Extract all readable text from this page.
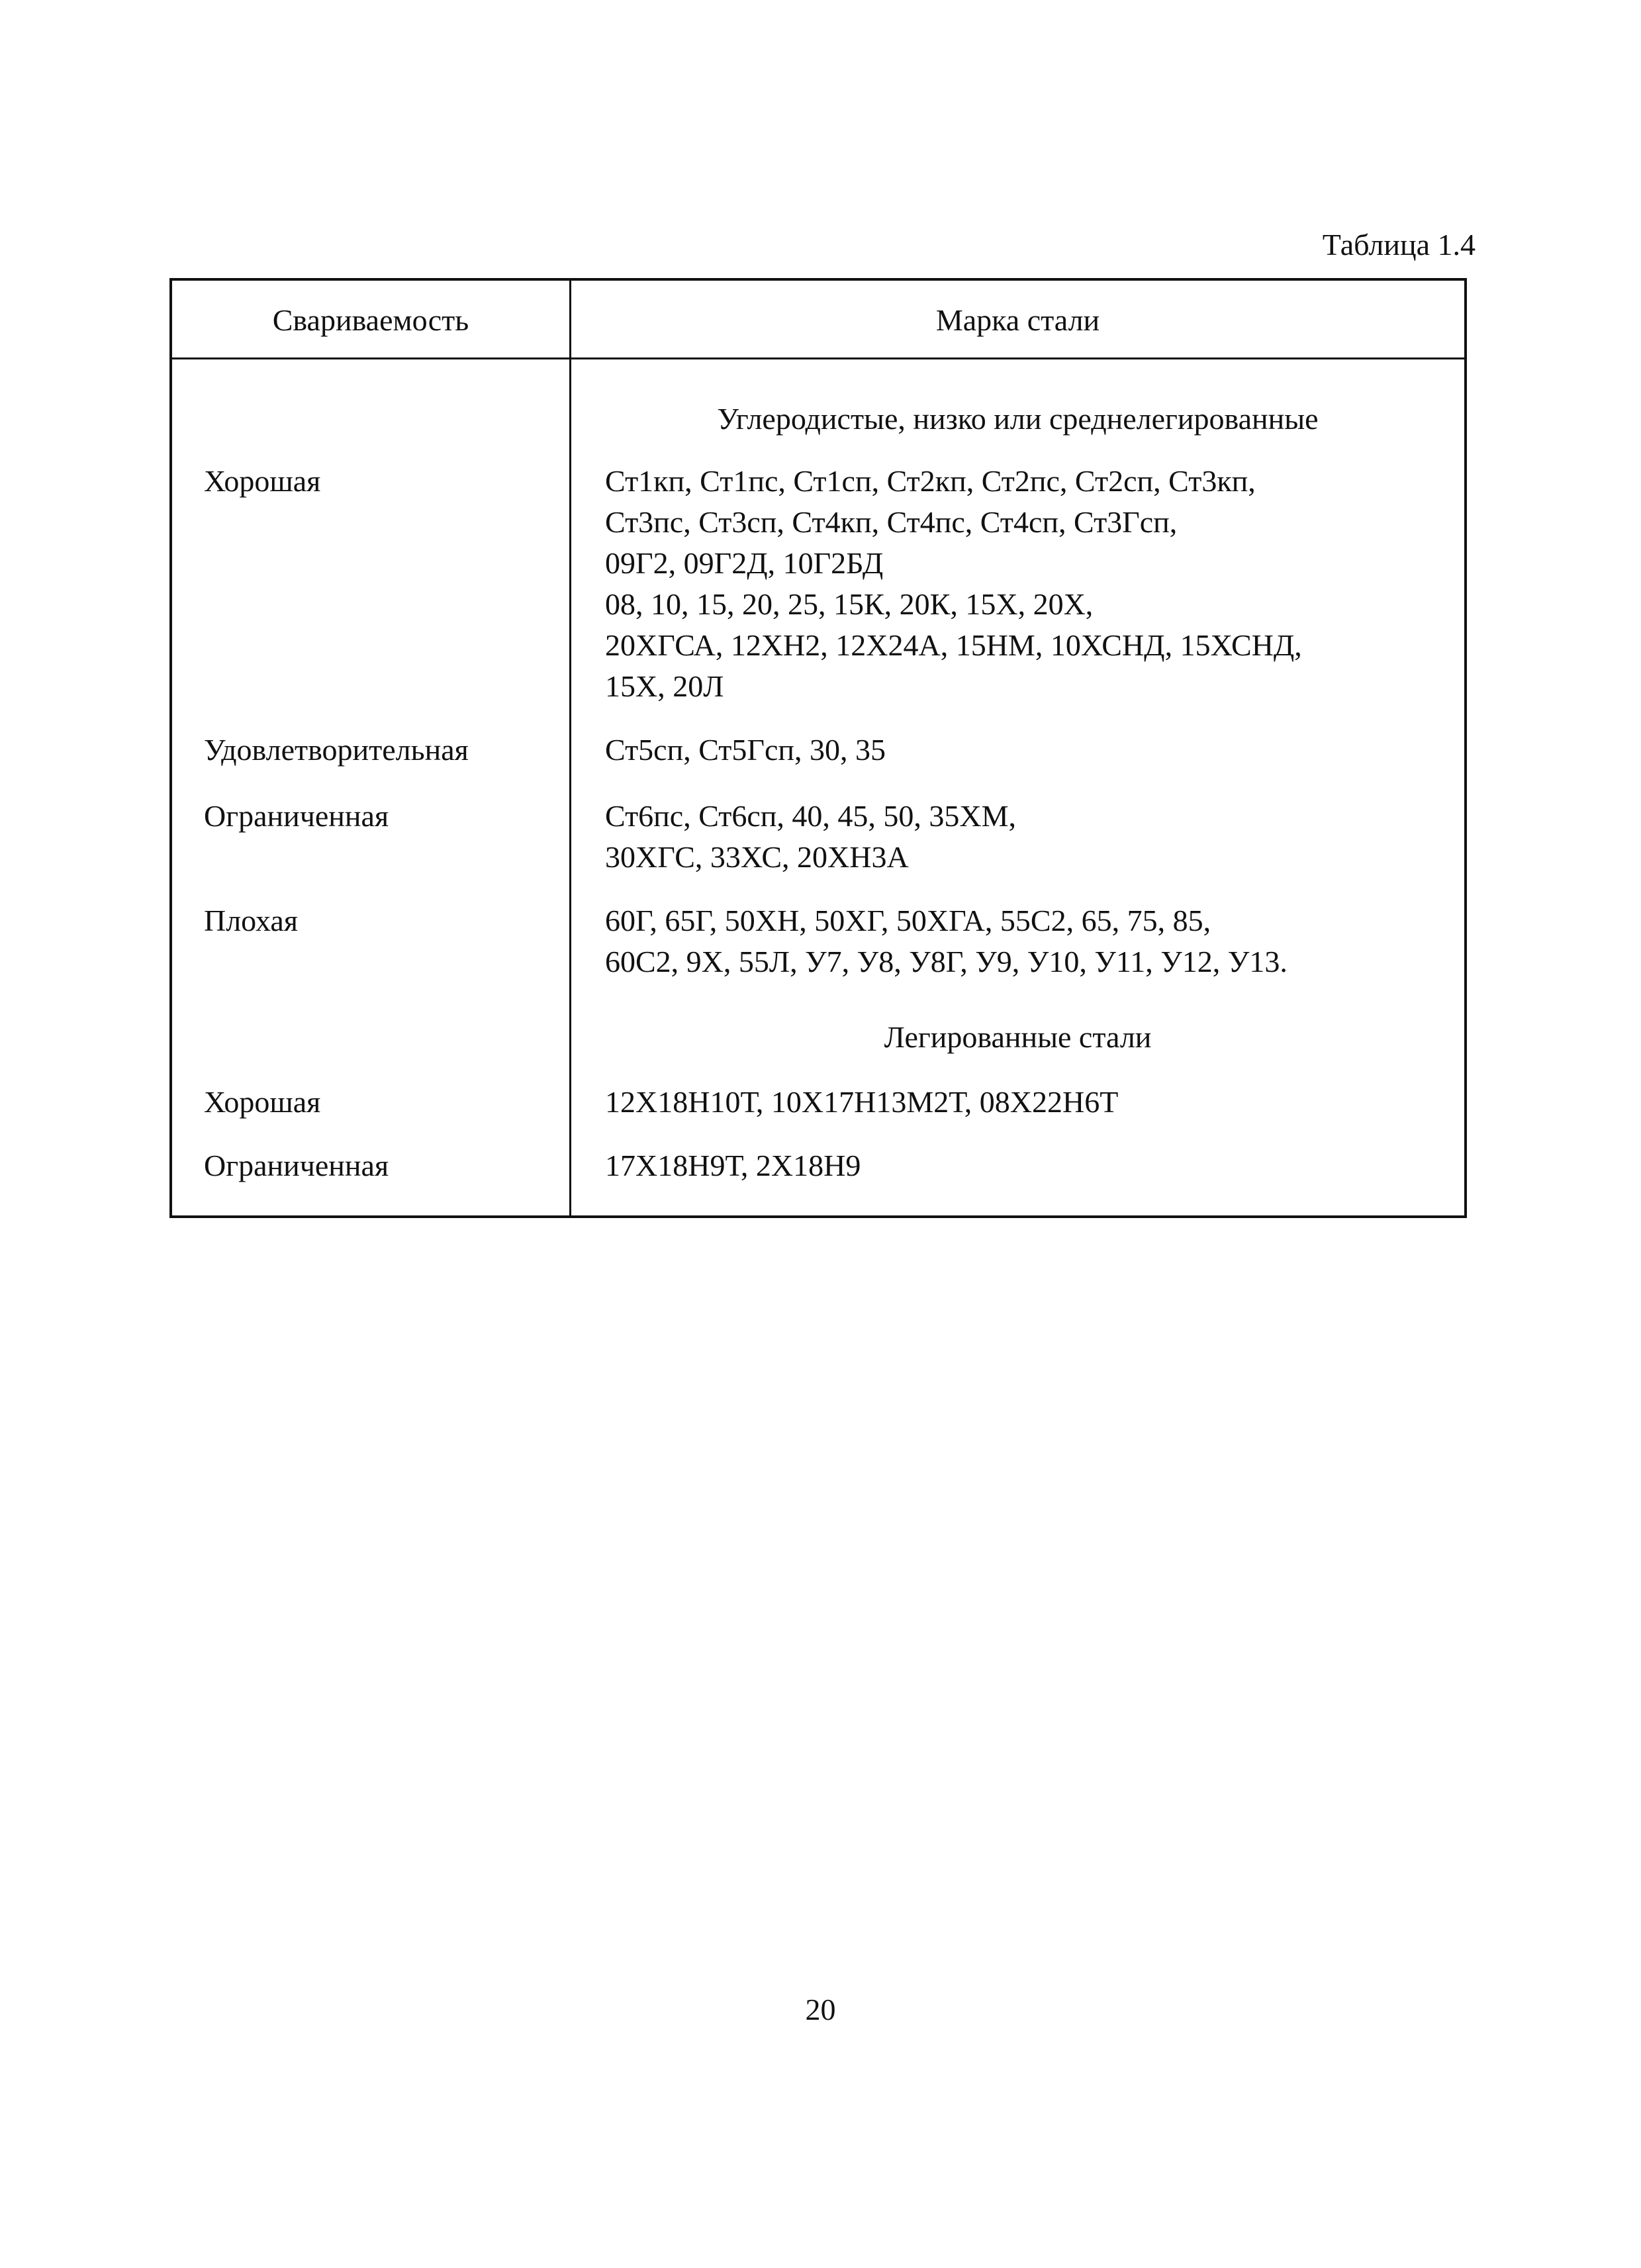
Таблица 1.4
Свариваемость	Марка стали
Углеродистые, низко или среднелегированные
Хорошая	Ст1кп, Ст1пс, Ст1сп, Ст2кп, Ст2пс, Ст2сп, Ст3кп,
Ст3пс, Ст3сп, Ст4кп, Ст4пс, Ст4сп, Ст3Гсп,
09Г2, 09Г2Д, 10Г2БД
08, 10, 15, 20, 25, 15К, 20К, 15Х, 20Х,
20ХГСА, 12ХН2, 12Х24А, 15НМ, 10ХСНД, 15ХСНД,
15Х, 20Л
Удовлетворительная	Ст5сп, Ст5Гсп, 30, 35
Ограниченная	Ст6пс, Ст6сп, 40, 45, 50, 35ХМ,
30ХГС, 33ХС, 20ХН3А
Плохая	60Г, 65Г, 50ХН, 50ХГ, 50ХГА, 55С2, 65, 75, 85,
60С2, 9Х, 55Л, У7, У8, У8Г, У9, У10, У11, У12, У13.
Легированные стали
Хорошая	12Х18Н10Т, 10Х17Н13М2Т, 08Х22Н6Т
Ограниченная	17Х18Н9Т, 2Х18Н9
20
